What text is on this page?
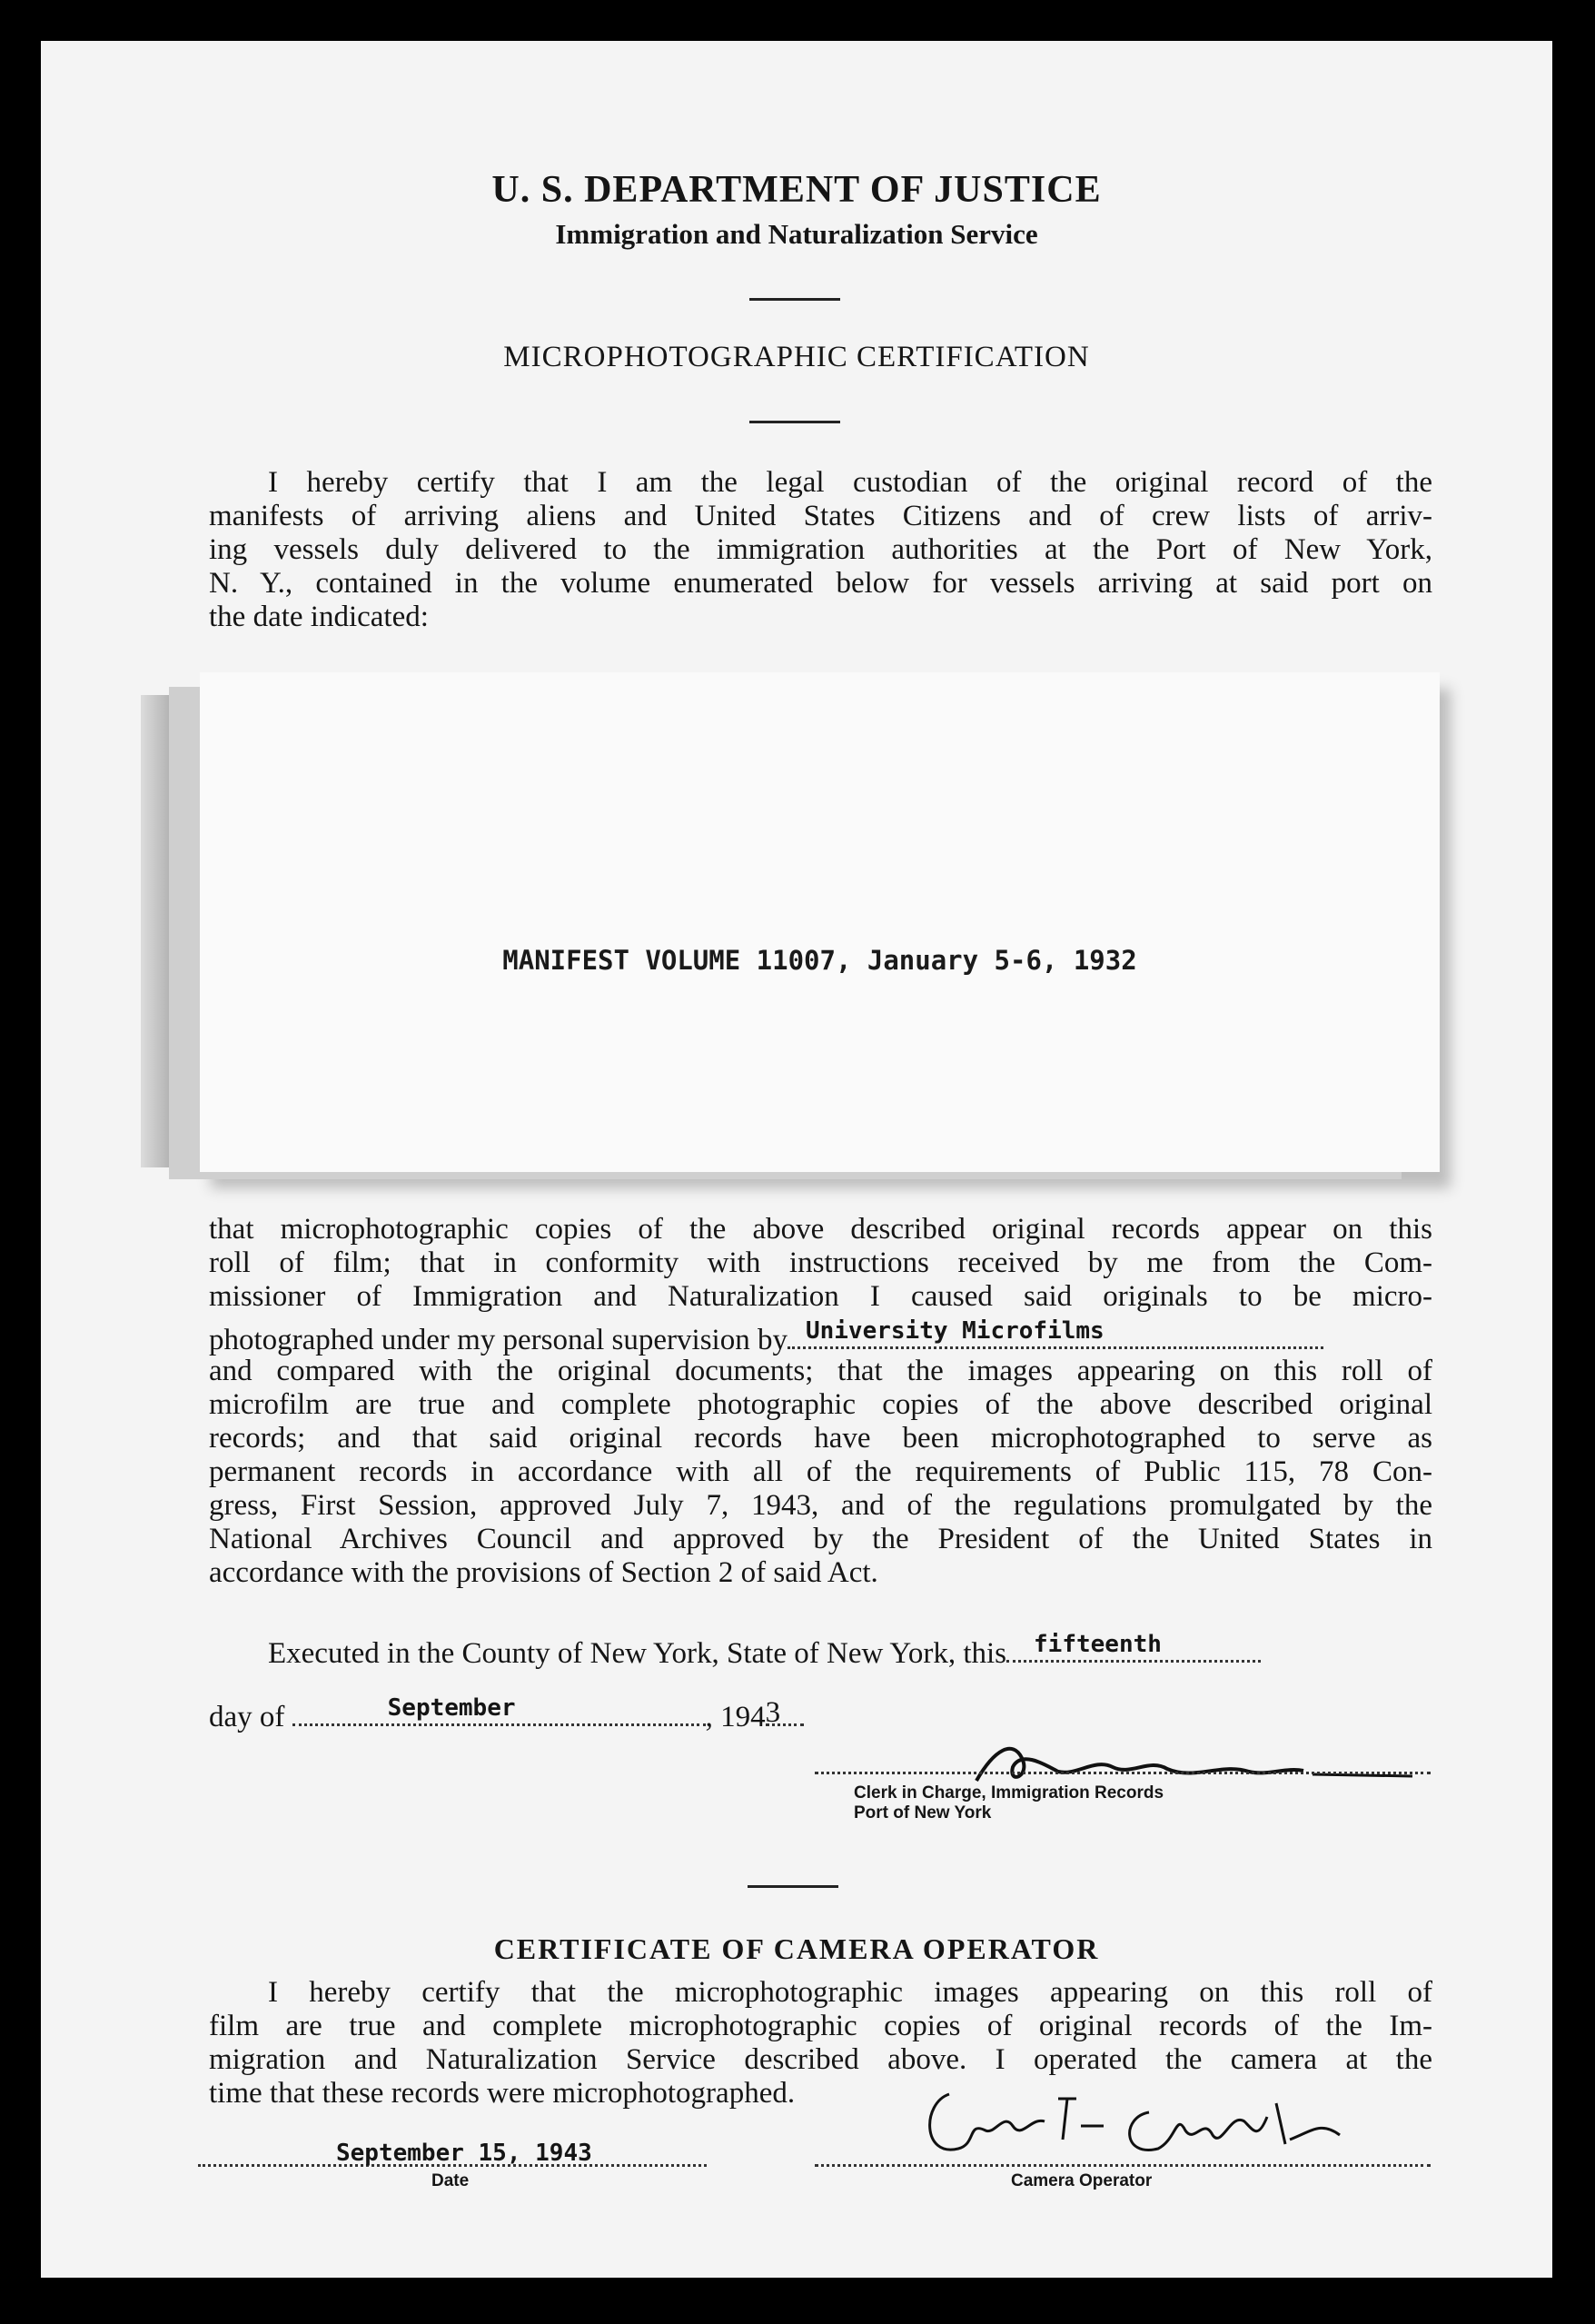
U. S. DEPARTMENT OF JUSTICE
Immigration and Naturalization Service
MICROPHOTOGRAPHIC CERTIFICATION
I hereby certify that I am the legal custodian of the original record of the
manifests of arriving aliens and United States Citizens and of crew lists of arriv-
ing vessels duly delivered to the immigration authorities at the Port of New York,
N. Y., contained in the volume enumerated below for vessels arriving at said port on
the date indicated:
MANIFEST VOLUME 11007, January 5-6, 1932
that microphotographic copies of the above described original records appear on this
roll of film; that in conformity with instructions received by me from the Com-
missioner of Immigration and Naturalization I caused said originals to be micro-
photographed under my personal supervision by University Microfilms
and compared with the original documents; that the images appearing on this roll of
microfilm are true and complete photographic copies of the above described original
records; and that said original records have been microphotographed to serve as
permanent records in accordance with all of the requirements of Public 115, 78 Con-
gress, First Session, approved July 7, 1943, and of the regulations promulgated by the
National Archives Council and approved by the President of the United States in
accordance with the provisions of Section 2 of said Act.
Executed in the County of New York, State of New York, this fifteenth
day of	September	, 194 3
Clerk in Charge, Immigration Records
Port of New York
CERTIFICATE OF CAMERA OPERATOR
I hereby certify that the microphotographic images appearing on this roll of
film are true and complete microphotographic copies of original records of the Im-
migration and Naturalization Service described above. I operated the camera at the
time that these records were microphotographed.
September 15, 1943
Date	Camera Operator
